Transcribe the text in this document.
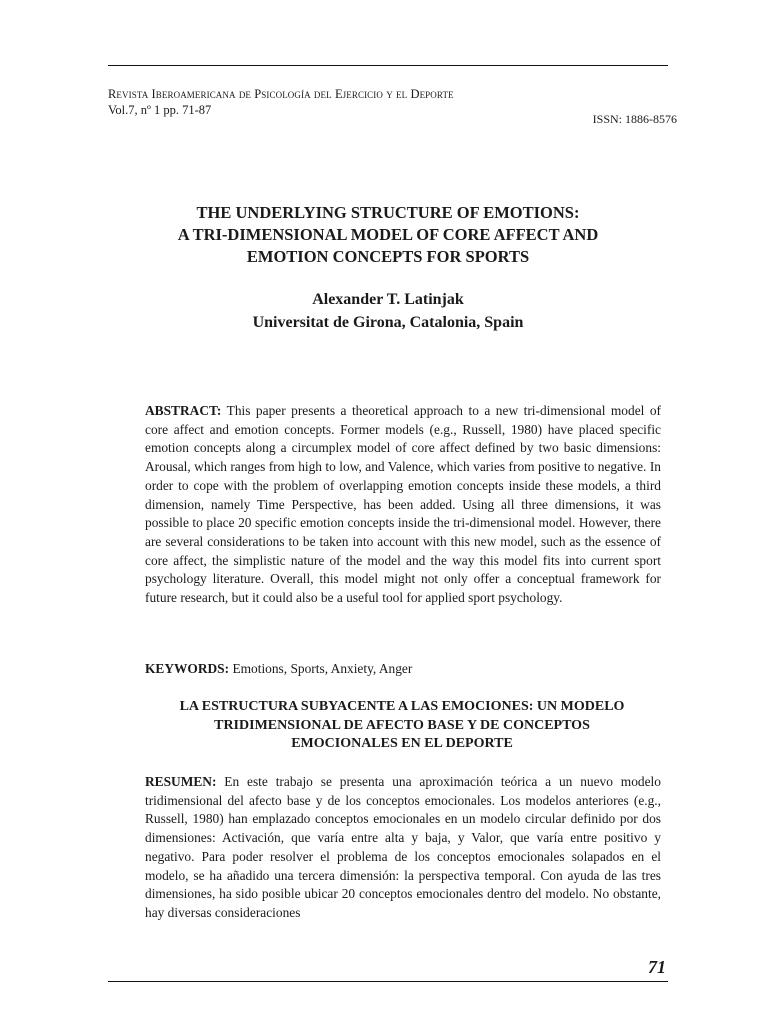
Revista Iberoamericana de Psicología del Ejercicio y el Deporte
Vol.7, nº 1 pp. 71-87
ISSN: 1886-8576
THE UNDERLYING STRUCTURE OF EMOTIONS:
A TRI-DIMENSIONAL MODEL OF CORE AFFECT AND
EMOTION CONCEPTS FOR SPORTS
Alexander T. Latinjak
Universitat de Girona, Catalonia, Spain
ABSTRACT: This paper presents a theoretical approach to a new tri-dimensional model of core affect and emotion concepts. Former models (e.g., Russell, 1980) have placed specific emotion concepts along a circumplex model of core affect defined by two basic dimensions: Arousal, which ranges from high to low, and Valence, which varies from positive to negative. In order to cope with the problem of overlapping emotion concepts inside these models, a third dimension, namely Time Perspective, has been added. Using all three dimensions, it was possible to place 20 specific emotion concepts inside the tri-dimensional model. However, there are several considerations to be taken into account with this new model, such as the essence of core affect, the simplistic nature of the model and the way this model fits into current sport psychology literature. Overall, this model might not only offer a conceptual framework for future research, but it could also be a useful tool for applied sport psychology.
KEYWORDS: Emotions, Sports, Anxiety, Anger
LA ESTRUCTURA SUBYACENTE A LAS EMOCIONES: UN MODELO
TRIDIMENSIONAL DE AFECTO BASE Y DE CONCEPTOS
EMOCIONALES EN EL DEPORTE
RESUMEN: En este trabajo se presenta una aproximación teórica a un nuevo modelo tridimensional del afecto base y de los conceptos emocionales. Los modelos anteriores (e.g., Russell, 1980) han emplazado conceptos emocionales en un modelo circular definido por dos dimensiones: Activación, que varía entre alta y baja, y Valor, que varía entre positivo y negativo. Para poder resolver el problema de los conceptos emocionales solapados en el modelo, se ha añadido una tercera dimensión: la perspectiva temporal. Con ayuda de las tres dimensiones, ha sido posible ubicar 20 conceptos emocionales dentro del modelo. No obstante, hay diversas consideraciones
71
